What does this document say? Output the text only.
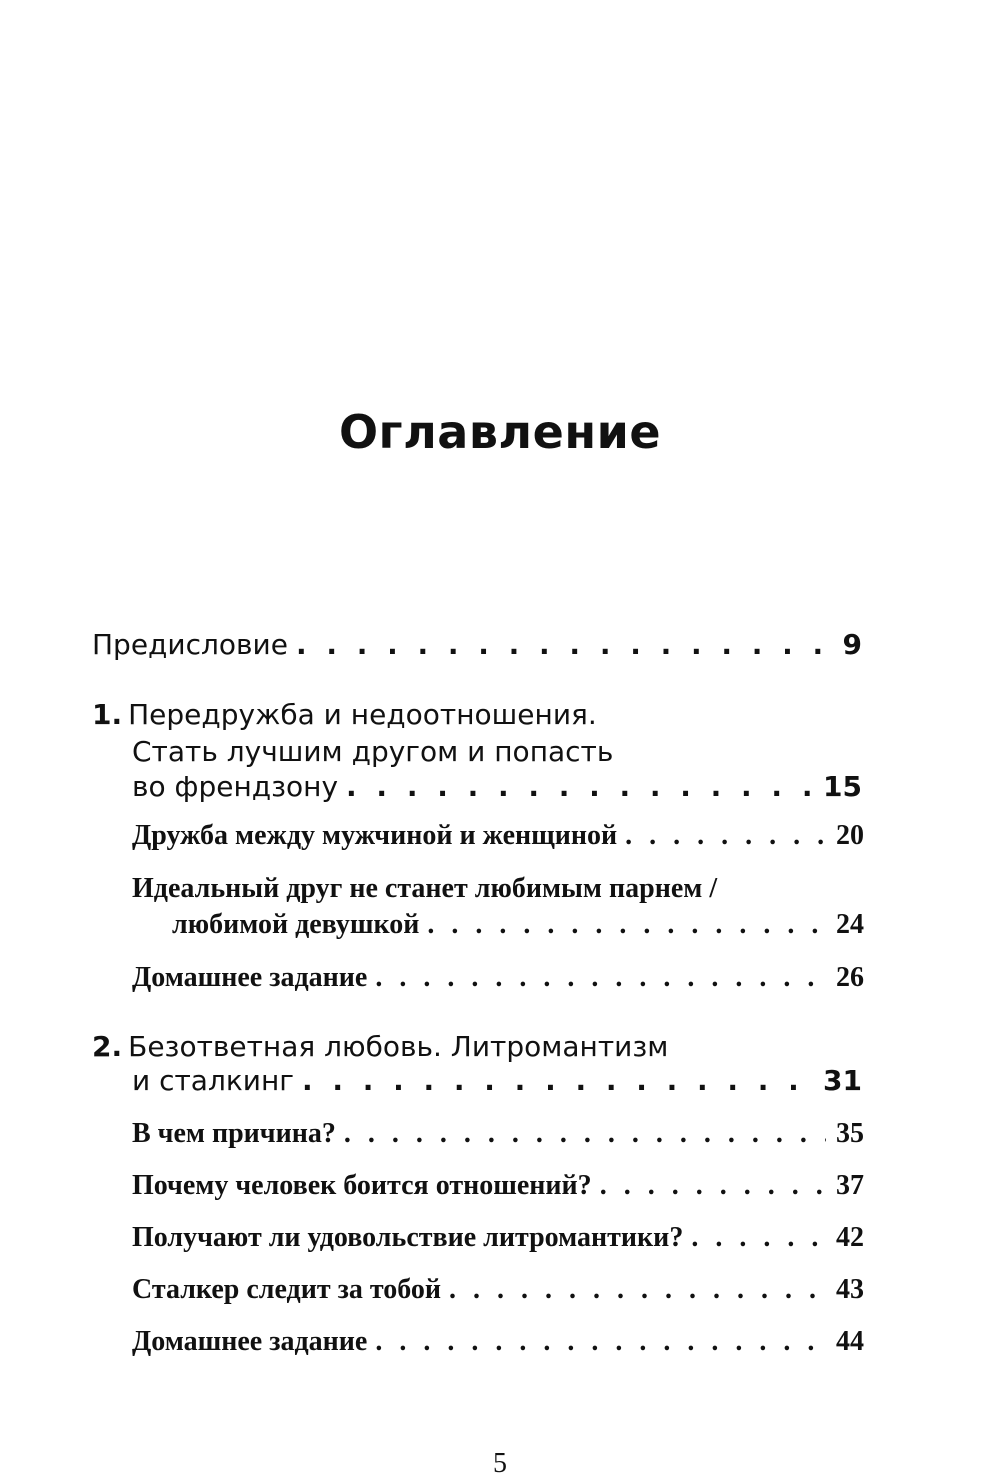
Оглавление
Предисловие . . .	9
1. Передружба и недоотношения.
Стать лучшим другом и попасть
во френдзону . . .	15
Дружба между мужчиной и женщиной . . .	20
Идеальный друг не станет любимым парнем /
любимой девушкой . . .	24
Домашнее задание . . .	26
2. Безответная любовь. Литромантизм
и сталкинг . . .	31
В чем причина? . . .	35
Почему человек боится отношений? . . .	37
Получают ли удовольствие литромантики? . . .	42
Сталкер следит за тобой . . .	43
Домашнее задание . . .	44
5
